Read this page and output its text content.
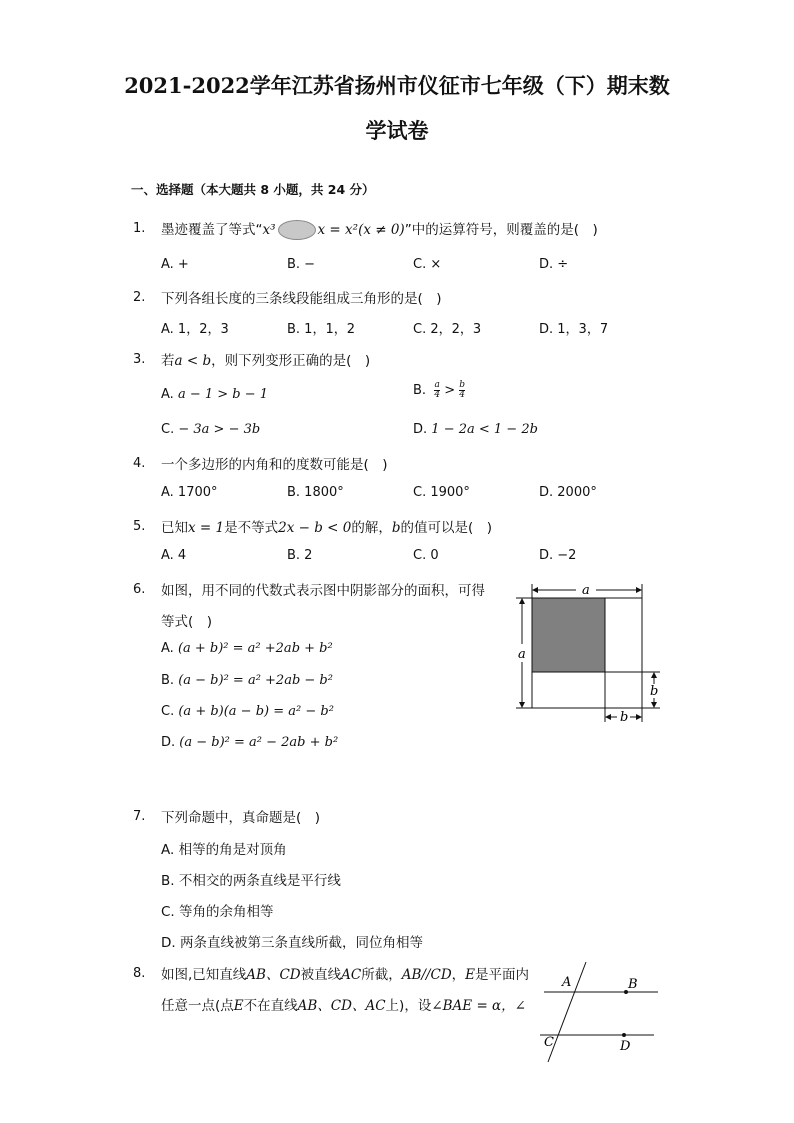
2021-2022学年江苏省扬州市仪征市七年级（下）期末数
学试卷
一、选择题（本大题共 8 小题，共 24 分）
1. 墨迹覆盖了等式“x³	x = x²(x ≠ 0)”中的运算符号，则覆盖的是(　)
A. +	B. −	C. ×	D. ÷
2. 下列各组长度的三条线段能组成三角形的是(　)
A. 1，2，3	B. 1，1，2	C. 2，2，3	D. 1，3，7
3. 若a < b，则下列变形正确的是(　)
A. a − 1 > b − 1	B. $\frac{a}{4} > \frac{b}{4}$
C. − 3a > − 3b	D. 1 − 2a < 1 − 2b
4. 一个多边形的内角和的度数可能是(　)
A. 1700°	B. 1800°	C. 1900°	D. 2000°
5. 已知x = 1是不等式2x − b < 0的解，b的值可以是(　)
A. 4	B. 2	C. 0	D. −2
6. 如图，用不同的代数式表示图中阴影部分的面积，可得
等式(　)
A. (a + b)² = a² +2ab + b²
B. (a − b)² = a² +2ab − b²
C. (a + b)(a − b) = a² − b²
D. (a − b)² = a² − 2ab + b²
a
a
b
b
7. 下列命题中，真命题是(　)
A. 相等的角是对顶角
B. 不相交的两条直线是平行线
C. 等角的余角相等
D. 两条直线被第三条直线所截，同位角相等
8. 如图,已知直线AB、CD被直线AC所截，AB//CD，E是平面内
任意一点(点E不在直线AB、CD、AC上)，设∠BAE = α，∠
A	B
C	D
